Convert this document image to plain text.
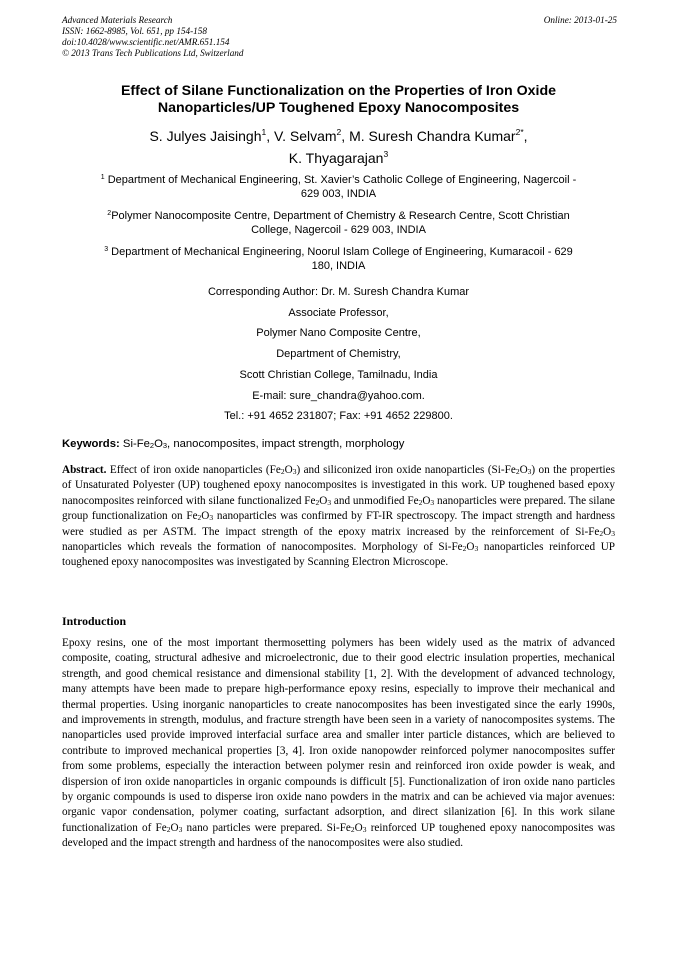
Advanced Materials Research
ISSN: 1662-8985, Vol. 651, pp 154-158
doi:10.4028/www.scientific.net/AMR.651.154
© 2013 Trans Tech Publications Ltd, Switzerland
Online: 2013-01-25
Effect of Silane Functionalization on the Properties of Iron Oxide
Nanoparticles/UP Toughened Epoxy Nanocomposites
S. Julyes Jaisingh$^1$, V. Selvam$^2$, M. Suresh Chandra Kumar$^{2*}$,
K. Thyagarajan$^3$
$^1$ Department of Mechanical Engineering, St. Xavier’s Catholic College of Engineering, Nagercoil -
629 003, INDIA
$^2$Polymer Nanocomposite Centre, Department of Chemistry & Research Centre, Scott Christian
College, Nagercoil - 629 003, INDIA
$^3$ Department of Mechanical Engineering, Noorul Islam College of Engineering, Kumaracoil - 629
180, INDIA
Corresponding Author: Dr. M. Suresh Chandra Kumar
Associate Professor,
Polymer Nano Composite Centre,
Department of Chemistry,
Scott Christian College, Tamilnadu, India
E-mail: sure_chandra@yahoo.com.
Tel.: +91 4652 231807; Fax: +91 4652 229800.
Keywords: $Si-Fe_2O_3$, nanocomposites, impact strength, morphology
Abstract. Effect of iron oxide nanoparticles $(Fe_2O_3)$ and siliconized iron oxide nanoparticles $(Si-Fe_2O_3)$ on the properties of Unsaturated Polyester (UP) toughened epoxy nanocomposites is investigated in this work. UP toughened based epoxy nanocomposites reinforced with silane functionalized $Fe_2O_3$ and unmodified $Fe_2O_3$ nanoparticles were prepared. The silane group functionalization on $Fe_2O_3$ nanoparticles was confirmed by FT-IR spectroscopy. The impact strength and hardness were studied as per ASTM. The impact strength of the epoxy matrix increased by the reinforcement of $Si-Fe_2O_3$ nanoparticles which reveals the formation of nanocomposites. Morphology of $Si-Fe_2O_3$ nanoparticles reinforced UP toughened epoxy nanocomposites was investigated by Scanning Electron Microscope.
Introduction
Epoxy resins, one of the most important thermosetting polymers has been widely used as the matrix of advanced composite, coating, structural adhesive and microelectronic, due to their good electric insulation properties, mechanical strength, and good chemical resistance and dimensional stability [1, 2]. With the development of advanced technology, many attempts have been made to prepare high-performance epoxy resins, especially to improve their mechanical and thermal properties. Using inorganic nanoparticles to create nanocomposites has been investigated since the early 1990s, and improvements in strength, modulus, and fracture strength have been seen in a variety of nanocomposites systems. The nanoparticles used provide improved interfacial surface area and smaller inter particle distances, which are believed to contribute to improved mechanical properties [3, 4]. Iron oxide nanopowder reinforced polymer nanocomposites suffer from some problems, especially the interaction between polymer resin and reinforced iron oxide powder is weak, and dispersion of iron oxide nanoparticles in organic compounds is difficult [5]. Functionalization of iron oxide nano particles by organic compounds is used to disperse iron oxide nano powders in the matrix and can be achieved via major avenues: organic vapor condensation, polymer coating, surfactant adsorption, and direct silanization [6]. In this work silane functionalization of $Fe_2O_3$ nano particles were prepared. $Si-Fe_2O_3$ reinforced UP toughened epoxy nanocomposites was developed and the impact strength and hardness of the nanocomposites were also studied.
